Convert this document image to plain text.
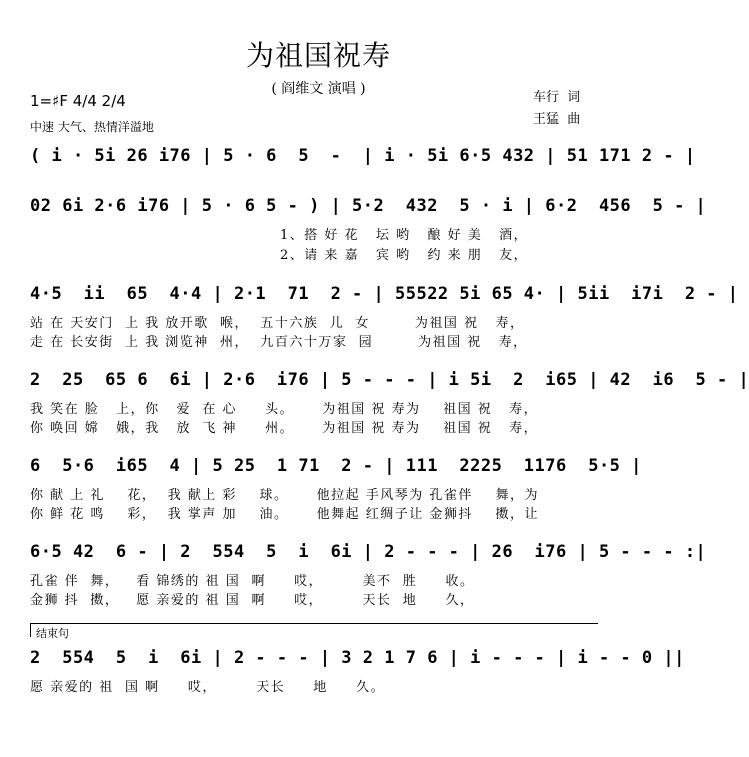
为祖国祝寿
( 阎维文 演唱 )
1=♯F 4/4 2/4
中速 大气、热情洋溢地
车行  词
王猛  曲
( i · 5i 26 i76 | 5 · 6  5  -  | i · 5i 6·5 432 | 51 171 2 - |
02 6i 2·6 i76 | 5 · 6 5 - ) | 5·2  432  5 · i | 6·2  456  5 - |
1、搭 好 花   坛 哟   酿 好 美   酒，
2、请 来 嘉   宾 哟   约 来 朋   友，
4·5  ii  65  4·4 | 2·1  71  2 - | 55522 5i 65 4· | 5ii  i7i  2 - |
站 在 天安门  上 我 放开歌  喉，  五十六族  儿  女        为祖国 祝   寿，
走 在 长安街  上 我 浏览神  州，  九百六十万家  园        为祖国 祝   寿，
2  25  65 6  6i | 2·6  i76 | 5 - - - | i 5i  2  i65 | 42  i6  5 - |
我 笑在 脸   上，你   爱  在 心     头。     为祖国 祝 寿为    祖国 祝   寿，
你 唤回 嫦   娥，我   放  飞 神     州。     为祖国 祝 寿为    祖国 祝   寿，
6  5·6  i65  4 | 5 25  1 71  2 - | 111  2225  1176  5·5 |
你 献 上 礼    花，  我 献上 彩    球。     他拉起 手风琴为 孔雀伴    舞，为
你 鲜 花 鸣    彩，  我 掌声 加    油。     他舞起 红绸子让 金狮抖    擞，让
6·5 42  6 - | 2  554  5  i  6i | 2 - - - | 26  i76 | 5 - - - :|
孔雀 伴  舞，   看 锦绣的 祖 国  啊     哎，       美不  胜     收。
金狮 抖  擞，   愿 亲爱的 祖 国  啊     哎，       天长  地     久，
结束句
2  554  5  i  6i | 2 - - - | 3 2 1 7 6 | i - - - | i - - 0 ||
愿 亲爱的 祖  国 啊     哎，       天长     地     久。
